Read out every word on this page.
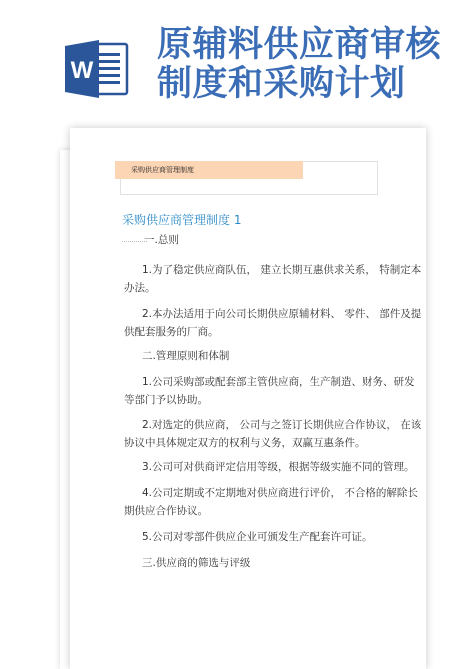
W
原辅料供应商审核
制度和采购计划
采购供应商管理制度
采购供应商管理制度 1
一.总则
1.为了稳定供应商队伍， 建立长期互惠供求关系， 特制定本
办法。
2.本办法适用于向公司长期供应原辅材料、 零件、 部件及提
供配套服务的厂商。
二.管理原则和体制
1.公司采购部或配套部主管供应商，生产制造、财务、研发
等部门予以协助。
2.对选定的供应商， 公司与之签订长期供应合作协议， 在该
协议中具体规定双方的权利与义务，双赢互惠条件。
3.公司可对供商评定信用等级，根据等级实施不同的管理。
4.公司定期或不定期地对供应商进行评价， 不合格的解除长
期供应合作协议。
5.公司对零部件供应企业可颁发生产配套许可证。
三.供应商的筛选与评级
